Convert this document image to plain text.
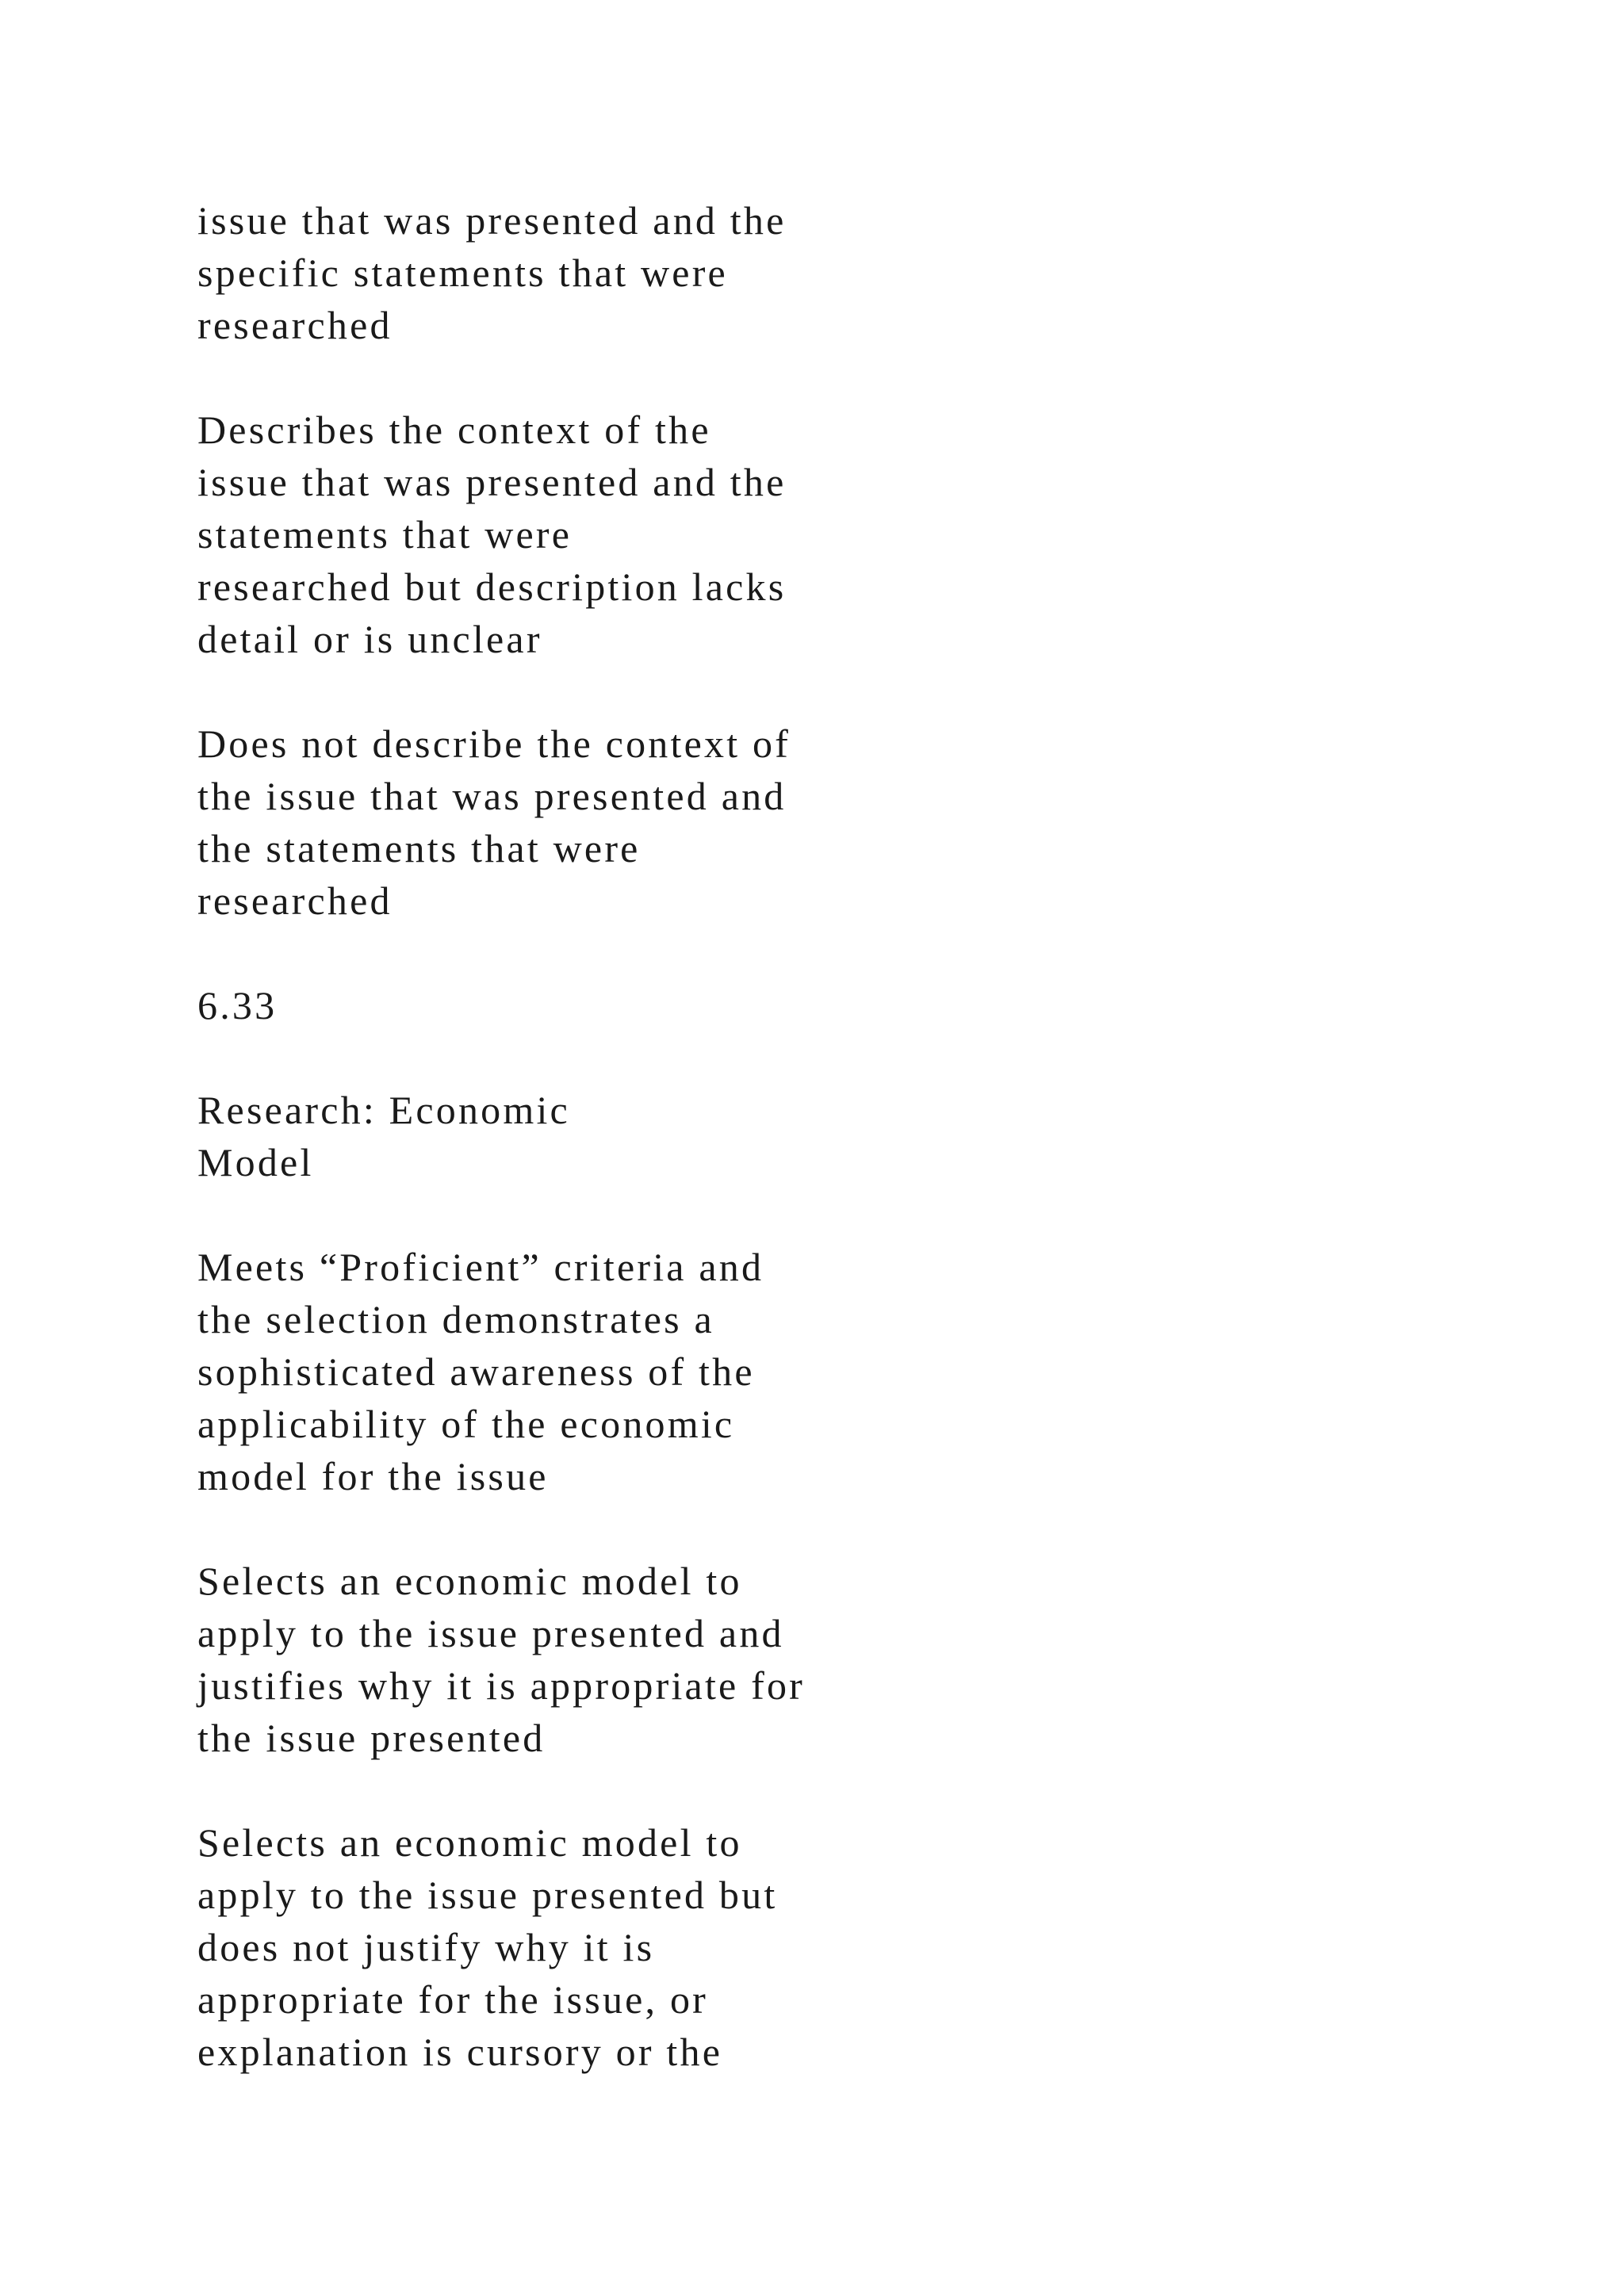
issue that was presented and the
specific statements that were
researched
Describes the context of the
issue that was presented and the
statements that were
researched but description lacks
detail or is unclear
Does not describe the context of
the issue that was presented and
the statements that were
researched
6.33
Research: Economic
Model
Meets “Proficient” criteria and
the selection demonstrates a
sophisticated awareness of the
applicability of the economic
model for the issue
Selects an economic model to
apply to the issue presented and
justifies why it is appropriate for
the issue presented
Selects an economic model to
apply to the issue presented but
does not justify why it is
appropriate for the issue, or
explanation is cursory or the
